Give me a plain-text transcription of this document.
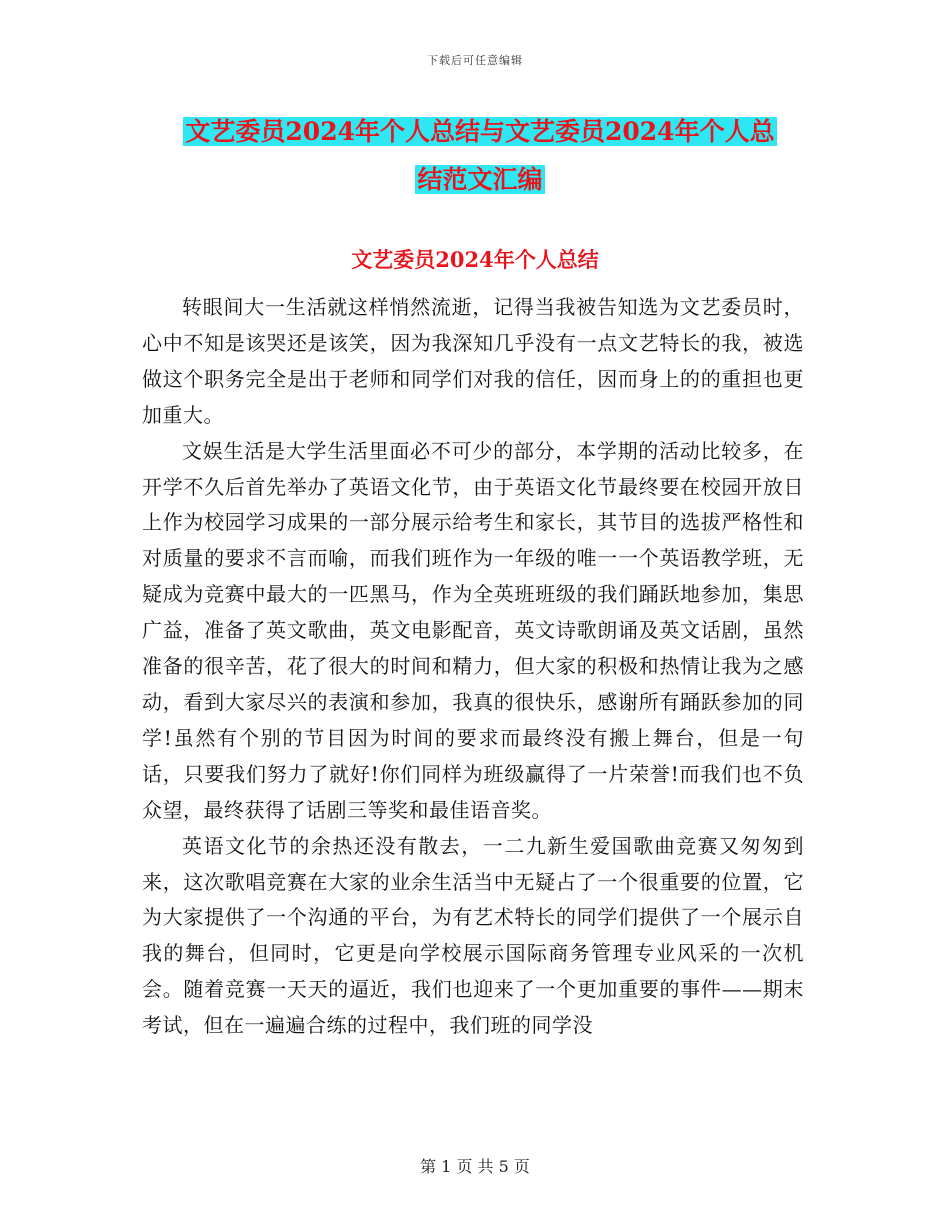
下载后可任意编辑
文艺委员2024年个人总结与文艺委员2024年个人总
结范文汇编
文艺委员2024年个人总结

转眼间大一生活就这样悄然流逝，记得当我被告知选为文艺委员时，心中不知是该哭还是该笑，因为我深知几乎没有一点文艺特长的我，被选做这个职务完全是出于老师和同学们对我的信任，因而身上的的重担也更加重大。

文娱生活是大学生活里面必不可少的部分，本学期的活动比较多，在开学不久后首先举办了英语文化节，由于英语文化节最终要在校园开放日上作为校园学习成果的一部分展示给考生和家长，其节目的选拔严格性和对质量的要求不言而喻，而我们班作为一年级的唯一一个英语教学班，无疑成为竞赛中最大的一匹黑马，作为全英班班级的我们踊跃地参加，集思广益，准备了英文歌曲，英文电影配音，英文诗歌朗诵及英文话剧，虽然准备的很辛苦，花了很大的时间和精力，但大家的积极和热情让我为之感动，看到大家尽兴的表演和参加，我真的很快乐，感谢所有踊跃参加的同学!虽然有个别的节目因为时间的要求而最终没有搬上舞台，但是一句话，只要我们努力了就好!你们同样为班级赢得了一片荣誉!而我们也不负众望，最终获得了话剧三等奖和最佳语音奖。

英语文化节的余热还没有散去，一二九新生爱国歌曲竞赛又匆匆到来，这次歌唱竞赛在大家的业余生活当中无疑占了一个很重要的位置，它为大家提供了一个沟通的平台，为有艺术特长的同学们提供了一个展示自我的舞台，但同时，它更是向学校展示国际商务管理专业风采的一次机会。随着竞赛一天天的逼近，我们也迎来了一个更加重要的事件——期末考试，但在一遍遍合练的过程中，我们班的同学没

第 1 页 共 5 页
